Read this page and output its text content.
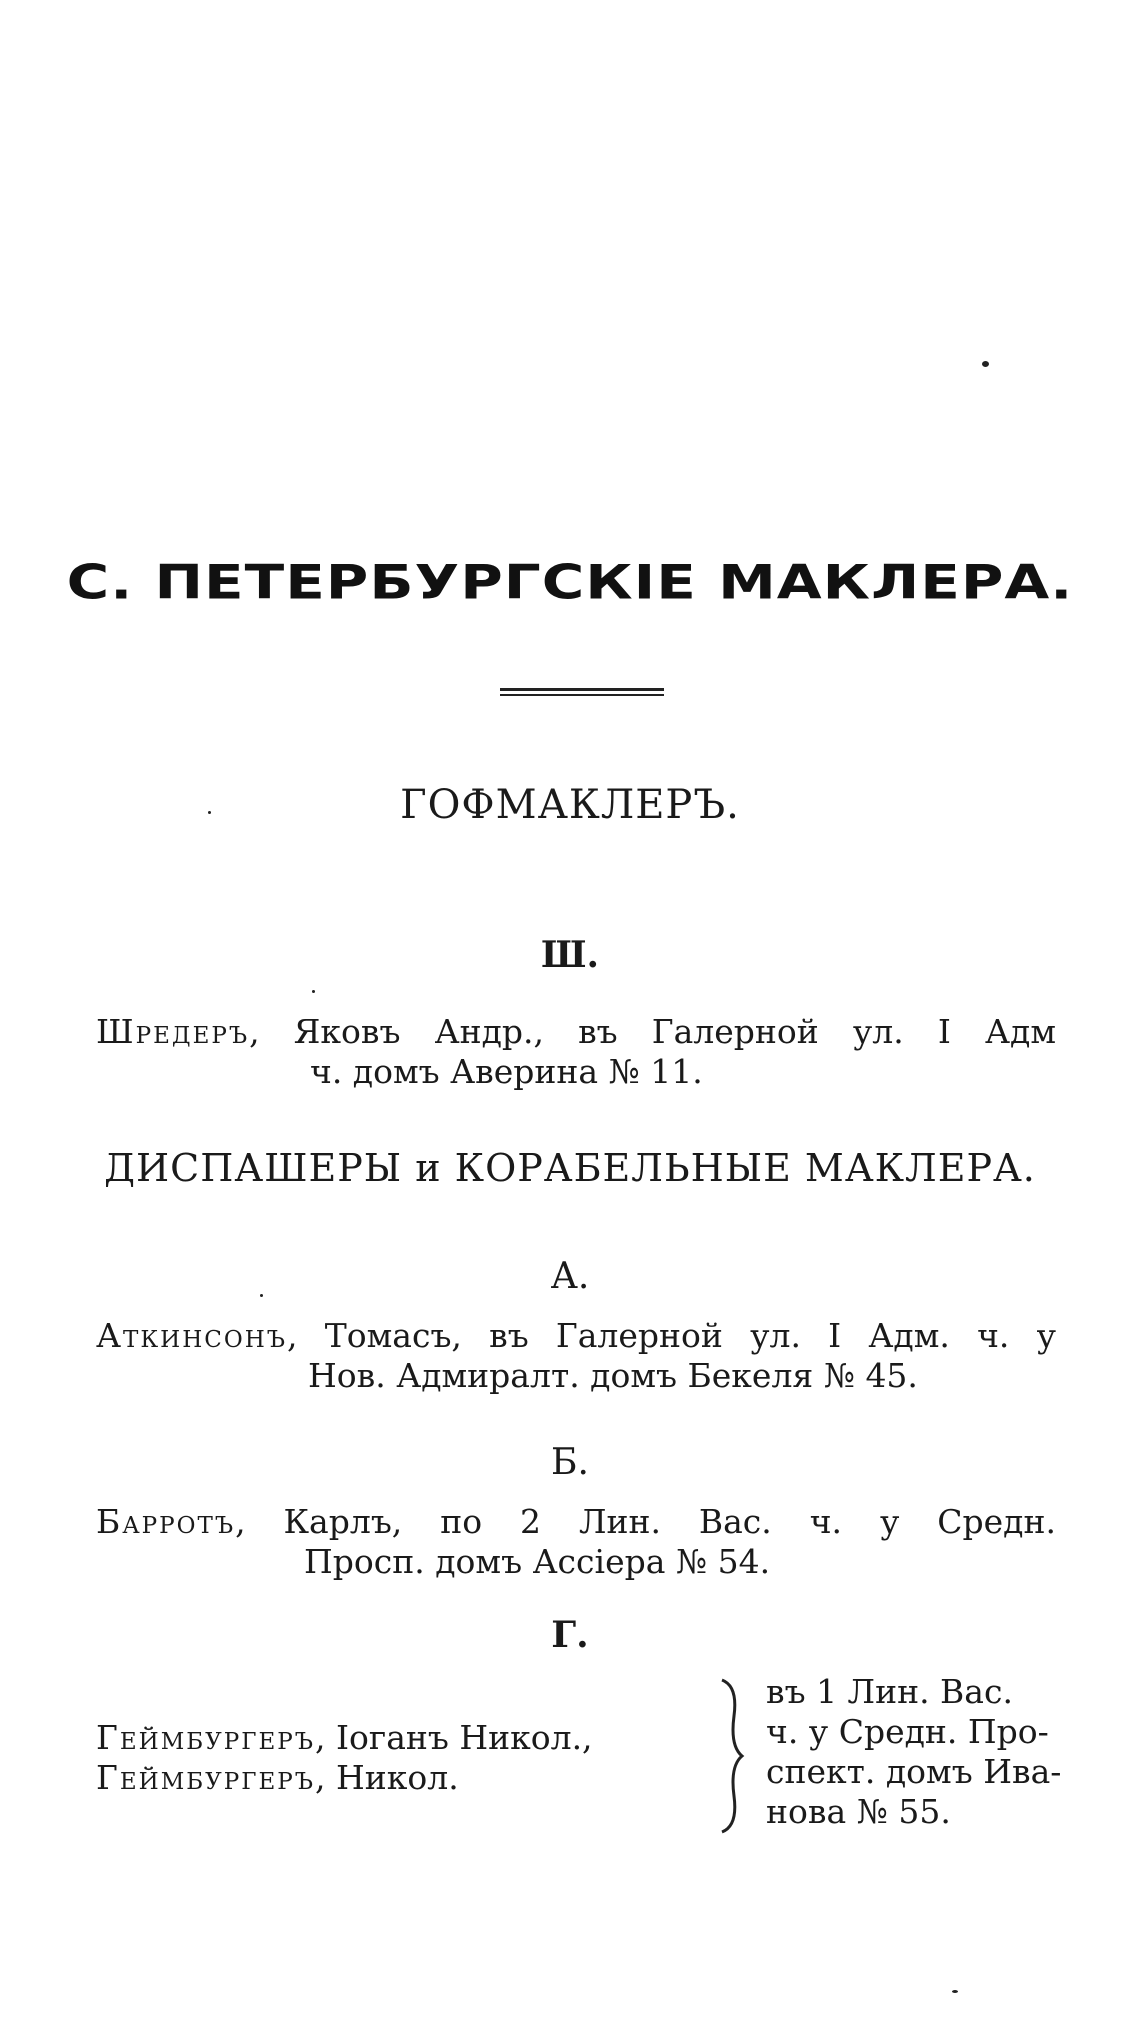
С. ПЕТЕРБУРГСКІЕ МАКЛЕРА.
ГОФМАКЛЕРЪ.
Ш.
Шредеръ, Яковъ Андр., въ Галерной ул. I Адм
ч. домъ Аверина № 11.
ДИСПАШЕРЫ и КОРАБЕЛЬНЫЕ МАКЛЕРА.
А.
Аткинсонъ, Томасъ, въ Галерной ул. I Адм. ч. у
Нов. Адмиралт. домъ Бекеля № 45.
Б.
Барротъ, Карлъ, по 2 Лин. Вас. ч. у Средн.
Просп. домъ Ассіера № 54.
Г.
Геймбургеръ, Іоганъ Никол.,
Геймбургеръ, Никол.
въ 1 Лин. Вас.
ч. у Средн. Про-
спект. домъ Ива-
нова № 55.
